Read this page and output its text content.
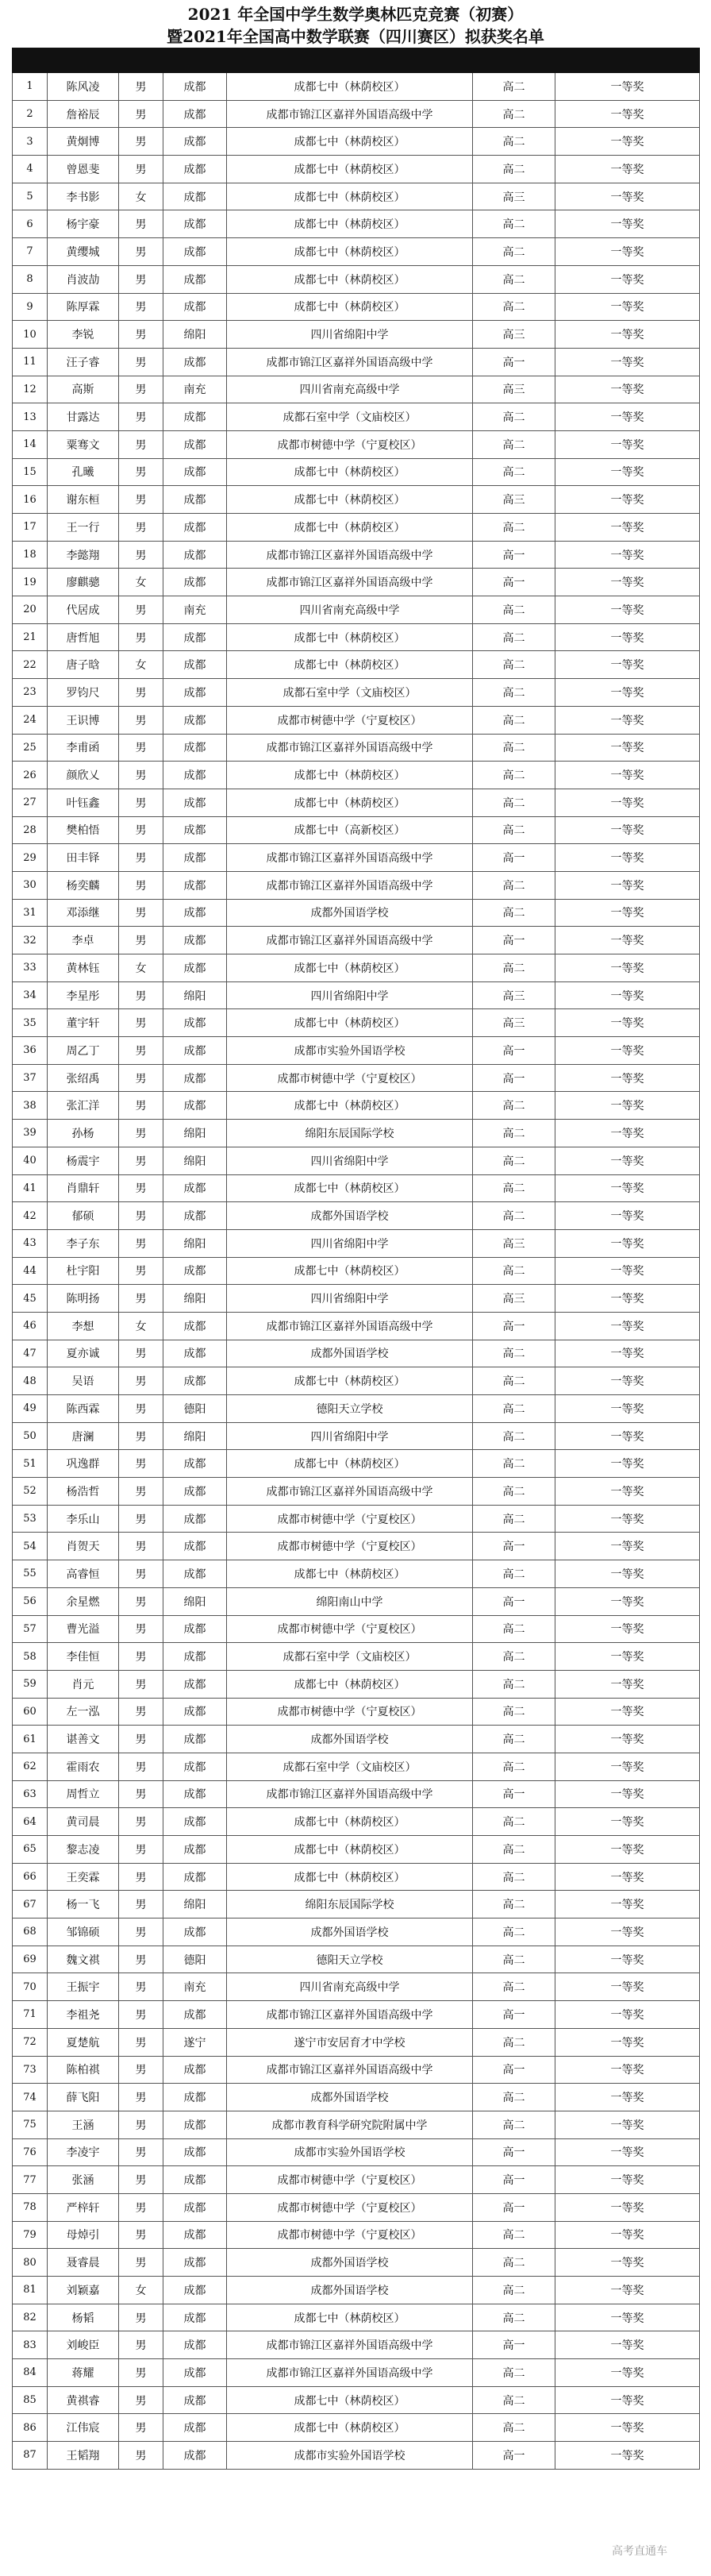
2021 年全国中学生数学奥林匹克竞赛（初赛）
暨2021年全国高中数学联赛（四川赛区）拟获奖名单

1	陈风凌	男	成都	成都七中（林荫校区）	高二	一等奖
2	詹裕辰	男	成都	成都市锦江区嘉祥外国语高级中学	高二	一等奖
3	黄炯博	男	成都	成都七中（林荫校区）	高二	一等奖
4	曾恩斐	男	成都	成都七中（林荫校区）	高二	一等奖
5	李书影	女	成都	成都七中（林荫校区）	高三	一等奖
6	杨宇豪	男	成都	成都七中（林荫校区）	高二	一等奖
7	黄缨城	男	成都	成都七中（林荫校区）	高二	一等奖
8	肖波劼	男	成都	成都七中（林荫校区）	高二	一等奖
9	陈厚霖	男	成都	成都七中（林荫校区）	高二	一等奖
10	李锐	男	绵阳	四川省绵阳中学	高三	一等奖
11	汪子睿	男	成都	成都市锦江区嘉祥外国语高级中学	高一	一等奖
12	高斯	男	南充	四川省南充高级中学	高三	一等奖
13	甘露达	男	成都	成都石室中学（文庙校区）	高二	一等奖
14	粟骞文	男	成都	成都市树德中学（宁夏校区）	高二	一等奖
15	孔曦	男	成都	成都七中（林荫校区）	高二	一等奖
16	谢东桓	男	成都	成都七中（林荫校区）	高三	一等奖
17	王一行	男	成都	成都七中（林荫校区）	高二	一等奖
18	李懿翔	男	成都	成都市锦江区嘉祥外国语高级中学	高一	一等奖
19	廖麒骢	女	成都	成都市锦江区嘉祥外国语高级中学	高一	一等奖
20	代居成	男	南充	四川省南充高级中学	高二	一等奖
21	唐哲旭	男	成都	成都七中（林荫校区）	高二	一等奖
22	唐子晗	女	成都	成都七中（林荫校区）	高二	一等奖
23	罗钧尺	男	成都	成都石室中学（文庙校区）	高二	一等奖
24	王识博	男	成都	成都市树德中学（宁夏校区）	高二	一等奖
25	李甫函	男	成都	成都市锦江区嘉祥外国语高级中学	高二	一等奖
26	颜欣乂	男	成都	成都七中（林荫校区）	高二	一等奖
27	叶钰鑫	男	成都	成都七中（林荫校区）	高二	一等奖
28	樊柏悟	男	成都	成都七中（高新校区）	高二	一等奖
29	田丰铎	男	成都	成都市锦江区嘉祥外国语高级中学	高一	一等奖
30	杨奕麟	男	成都	成都市锦江区嘉祥外国语高级中学	高二	一等奖
31	邓添继	男	成都	成都外国语学校	高二	一等奖
32	李卓	男	成都	成都市锦江区嘉祥外国语高级中学	高一	一等奖
33	黄林钰	女	成都	成都七中（林荫校区）	高二	一等奖
34	李星彤	男	绵阳	四川省绵阳中学	高三	一等奖
35	董宇轩	男	成都	成都七中（林荫校区）	高三	一等奖
36	周乙丁	男	成都	成都市实验外国语学校	高一	一等奖
37	张绍禹	男	成都	成都市树德中学（宁夏校区）	高一	一等奖
38	张汇洋	男	成都	成都七中（林荫校区）	高二	一等奖
39	孙杨	男	绵阳	绵阳东辰国际学校	高二	一等奖
40	杨震宇	男	绵阳	四川省绵阳中学	高二	一等奖
41	肖鼎轩	男	成都	成都七中（林荫校区）	高二	一等奖
42	郁硕	男	成都	成都外国语学校	高二	一等奖
43	李子东	男	绵阳	四川省绵阳中学	高三	一等奖
44	杜宇阳	男	成都	成都七中（林荫校区）	高二	一等奖
45	陈明扬	男	绵阳	四川省绵阳中学	高三	一等奖
46	李想	女	成都	成都市锦江区嘉祥外国语高级中学	高一	一等奖
47	夏亦诚	男	成都	成都外国语学校	高二	一等奖
48	吴语	男	成都	成都七中（林荫校区）	高二	一等奖
49	陈西霖	男	德阳	德阳天立学校	高二	一等奖
50	唐澜	男	绵阳	四川省绵阳中学	高二	一等奖
51	巩逸群	男	成都	成都七中（林荫校区）	高二	一等奖
52	杨浩哲	男	成都	成都市锦江区嘉祥外国语高级中学	高二	一等奖
53	李乐山	男	成都	成都市树德中学（宁夏校区）	高二	一等奖
54	肖贺天	男	成都	成都市树德中学（宁夏校区）	高一	一等奖
55	高睿恒	男	成都	成都七中（林荫校区）	高二	一等奖
56	余星燃	男	绵阳	绵阳南山中学	高一	一等奖
57	曹光溢	男	成都	成都市树德中学（宁夏校区）	高二	一等奖
58	李佳恒	男	成都	成都石室中学（文庙校区）	高二	一等奖
59	肖元	男	成都	成都七中（林荫校区）	高二	一等奖
60	左一泓	男	成都	成都市树德中学（宁夏校区）	高二	一等奖
61	谌善文	男	成都	成都外国语学校	高二	一等奖
62	霍雨农	男	成都	成都石室中学（文庙校区）	高二	一等奖
63	周哲立	男	成都	成都市锦江区嘉祥外国语高级中学	高一	一等奖
64	黄司晨	男	成都	成都七中（林荫校区）	高二	一等奖
65	黎志凌	男	成都	成都七中（林荫校区）	高二	一等奖
66	王奕霖	男	成都	成都七中（林荫校区）	高二	一等奖
67	杨一飞	男	绵阳	绵阳东辰国际学校	高二	一等奖
68	邹锦硕	男	成都	成都外国语学校	高二	一等奖
69	魏文祺	男	德阳	德阳天立学校	高二	一等奖
70	王振宇	男	南充	四川省南充高级中学	高二	一等奖
71	李祖尧	男	成都	成都市锦江区嘉祥外国语高级中学	高一	一等奖
72	夏楚航	男	遂宁	遂宁市安居育才中学校	高二	一等奖
73	陈柏祺	男	成都	成都市锦江区嘉祥外国语高级中学	高一	一等奖
74	薛飞阳	男	成都	成都外国语学校	高二	一等奖
75	王涵	男	成都	成都市教育科学研究院附属中学	高二	一等奖
76	李凌宇	男	成都	成都市实验外国语学校	高一	一等奖
77	张涵	男	成都	成都市树德中学（宁夏校区）	高一	一等奖
78	严梓轩	男	成都	成都市树德中学（宁夏校区）	高一	一等奖
79	母焯引	男	成都	成都市树德中学（宁夏校区）	高二	一等奖
80	聂睿晨	男	成都	成都外国语学校	高二	一等奖
81	刘颖嘉	女	成都	成都外国语学校	高二	一等奖
82	杨韬	男	成都	成都七中（林荫校区）	高二	一等奖
83	刘峻臣	男	成都	成都市锦江区嘉祥外国语高级中学	高一	一等奖
84	蒋耀	男	成都	成都市锦江区嘉祥外国语高级中学	高二	一等奖
85	黄祺睿	男	成都	成都七中（林荫校区）	高二	一等奖
86	江伟宸	男	成都	成都七中（林荫校区）	高二	一等奖
87	王韬翔	男	成都	成都市实验外国语学校	高一	一等奖
高考直通车
